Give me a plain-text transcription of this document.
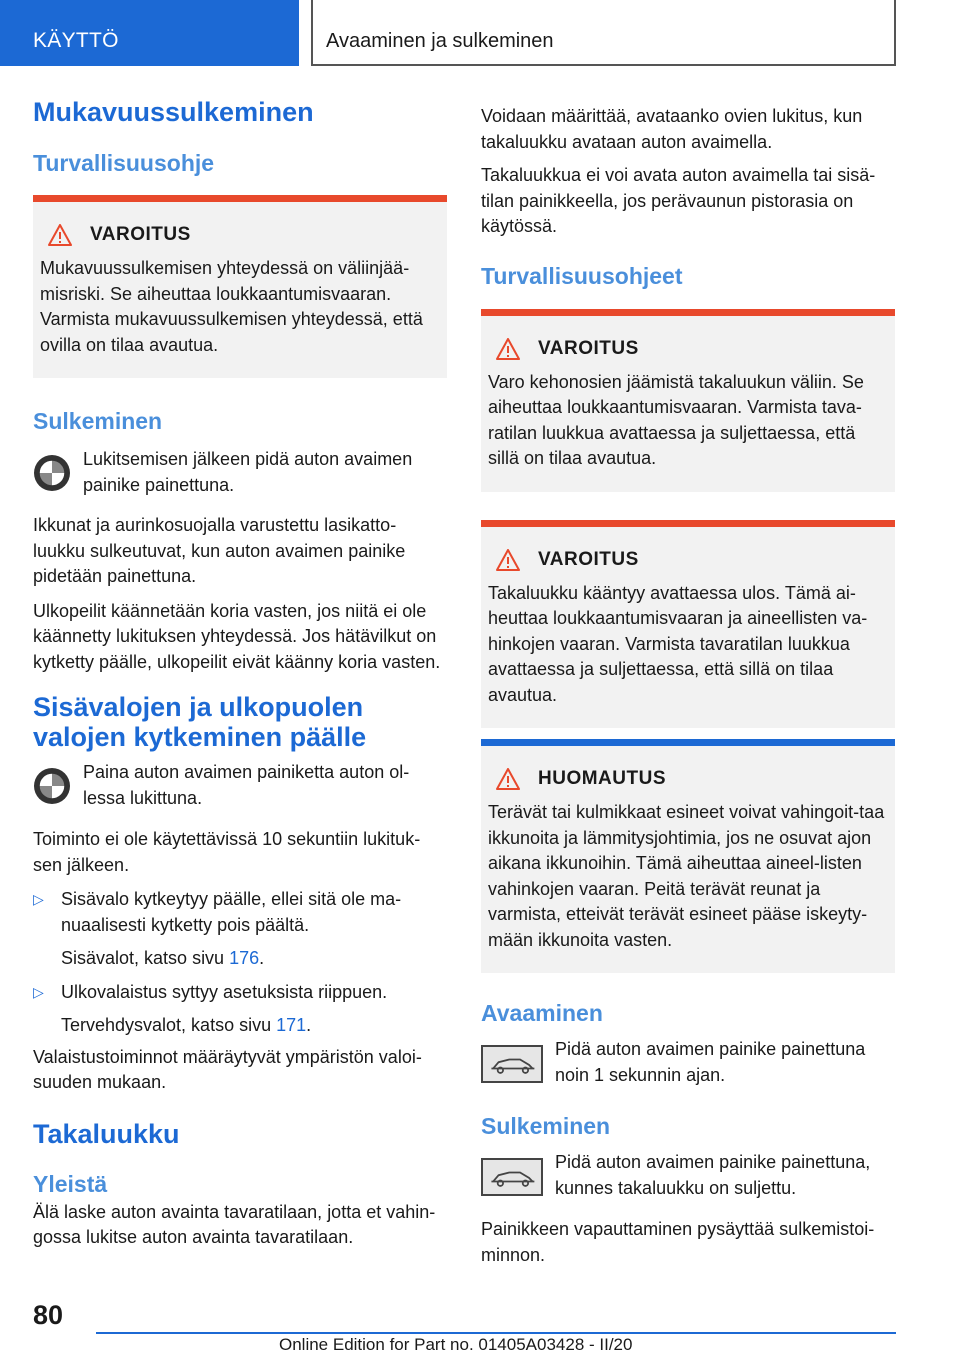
KÄYTTÖ	Avaaminen ja sulkeminen
Mukavuussulkeminen
Turvallisuusohje
VAROITUS

Mukavuussulkemisen yhteydessä on väliinjää-misriski. Se aiheuttaa loukkaantumisvaaran. Varmista mukavuussulkemisen yhteydessä, että ovilla on tilaa avautua.

Sulkeminen

Lukitsemisen jälkeen pidä auton avaimen painike painettuna.

Ikkunat ja aurinkosuojalla varustettu lasikatto-luukku sulkeutuvat, kun auton avaimen painike pidetään painettuna.

Ulkopeilit käännetään koria vasten, jos niitä ei ole käännetty lukituksen yhteydessä. Jos hätävilkut on kytketty päälle, ulkopeilit eivät käänny koria vasten.

Sisävalojen ja ulkopuolen valojen kytkeminen päälle

Paina auton avaimen painiketta auton ol-lessa lukittuna.

Toiminto ei ole käytettävissä 10 sekuntiin lukituk-sen jälkeen.

▷ Sisävalo kytkeytyy päälle, ellei sitä ole ma-nuaalisesti kytketty pois päältä.

Sisävalot, katso sivu 176.

▷ Ulkovalaistus syttyy asetuksista riippuen.

Tervehdysvalot, katso sivu 171.

Valaistustoiminnot määräytyvät ympäristön valoi-suuden mukaan.

Takaluukku
Yleistä

Älä laske auton avainta tavaratilaan, jotta et vahin-gossa lukitse auton avainta tavaratilaan.

Voidaan määrittää, avataanko ovien lukitus, kun takaluukku avataan auton avaimella.

Takaluukkua ei voi avata auton avaimella tai sisä-tilan painikkeella, jos perävaunun pistorasia on käytössä.

Turvallisuusohjeet
VAROITUS

Varo kehonosien jäämistä takaluukun väliin. Se aiheuttaa loukkaantumisvaaran. Varmista tava-ratilan luukkua avattaessa ja suljettaessa, että sillä on tilaa avautua.

VAROITUS

Takaluukku kääntyy avattaessa ulos. Tämä ai-heuttaa loukkaantumisvaaran ja aineellisten va-hinkojen vaaran. Varmista tavaratilan luukkua avattaessa ja suljettaessa, että sillä on tilaa avautua.

HUOMAUTUS

Terävät tai kulmikkaat esineet voivat vahingoit-taa ikkunoita ja lämmitysjohtimia, jos ne osuvat ajon aikana ikkunoihin. Tämä aiheuttaa aineel-listen vahinkojen vaaran. Peitä terävät reunat ja varmista, etteivät terävät esineet pääse iskeyty-mään ikkunoita vasten.

Avaaminen

Pidä auton avaimen painike painettuna noin 1 sekunnin ajan.

Sulkeminen

Pidä auton avaimen painike painettuna, kunnes takaluukku on suljettu.

Painikkeen vapauttaminen pysäyttää sulkemistoi-minnon.

80
Online Edition for Part no. 01405A03428 - II/20
